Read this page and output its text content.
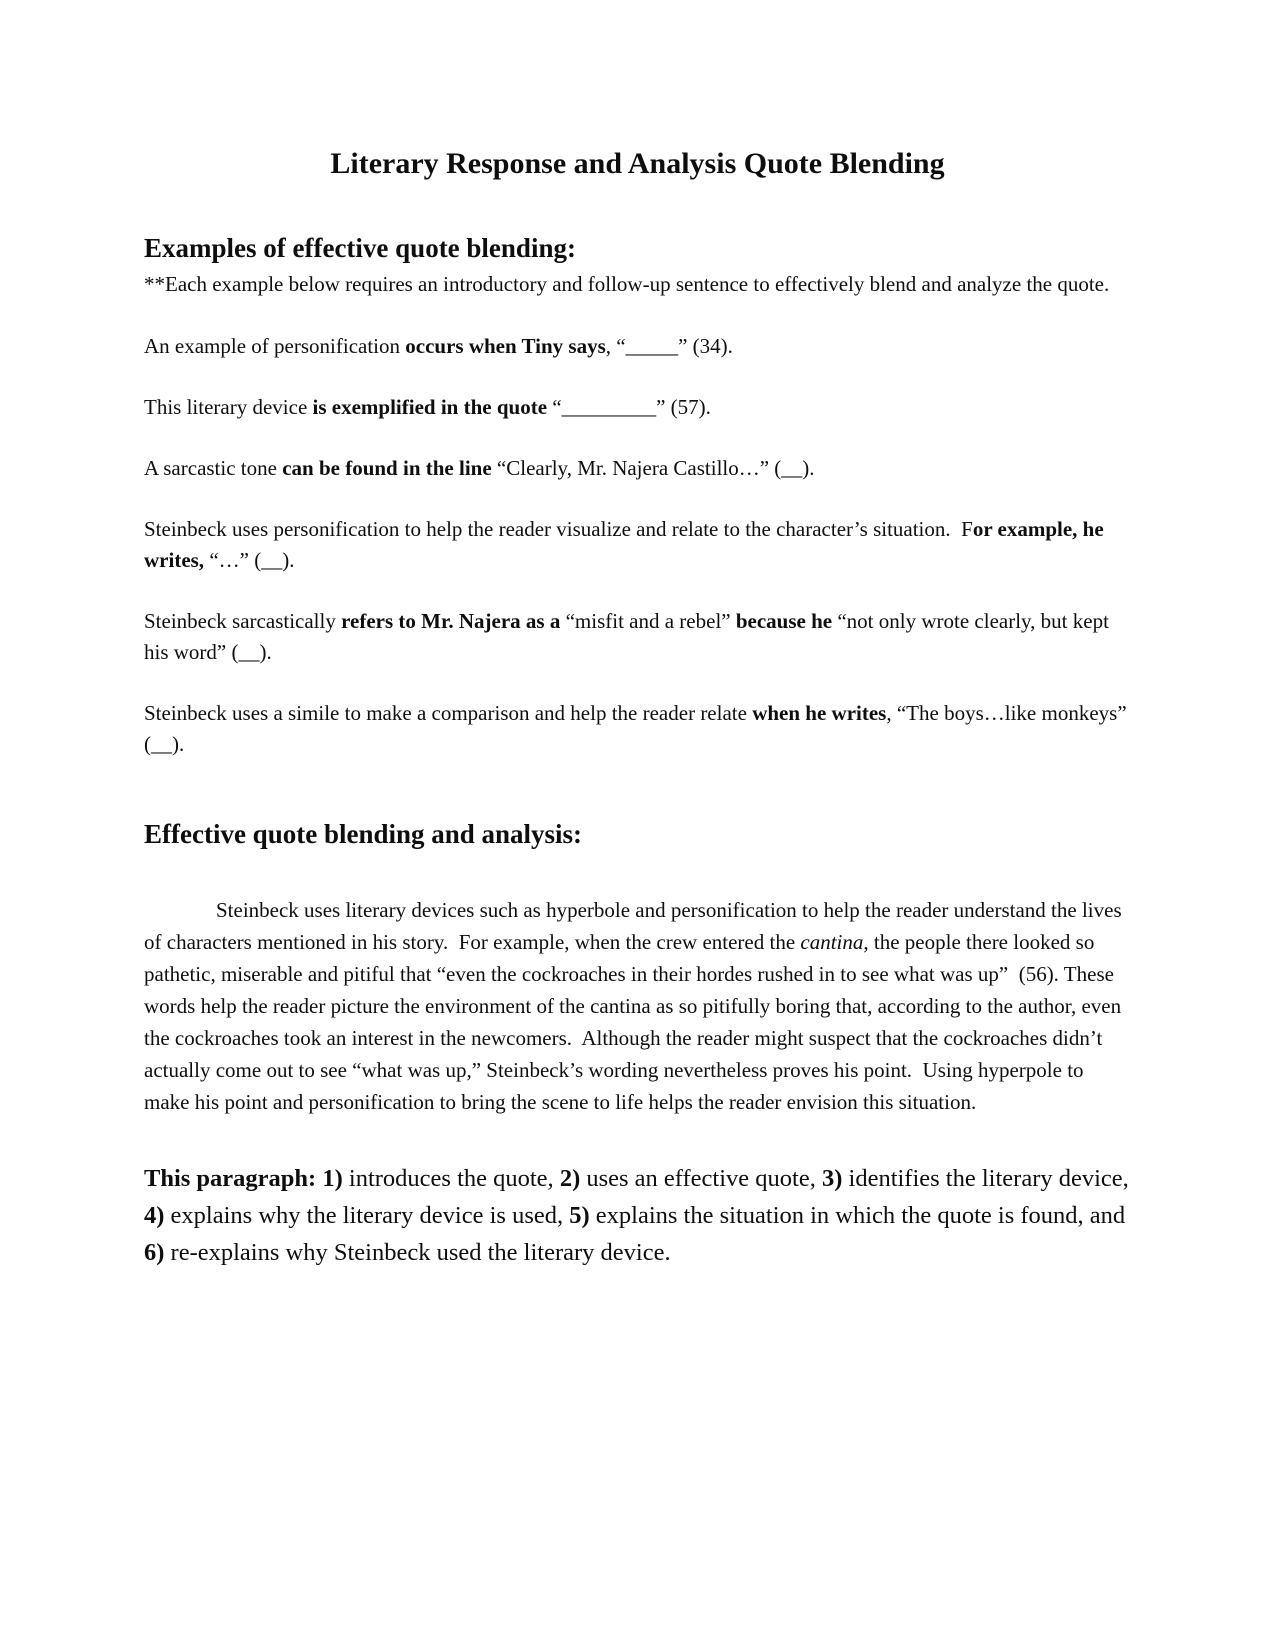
Literary Response and Analysis Quote Blending
Examples of effective quote blending:

**Each example below requires an introductory and follow-up sentence to effectively blend and analyze the quote.

An example of personification occurs when Tiny says, “_____” (34).

This literary device is exemplified in the quote “_________” (57).

A sarcastic tone can be found in the line “Clearly, Mr. Najera Castillo…” (__).

Steinbeck uses personification to help the reader visualize and relate to the character’s situation.  For example, he writes, “…” (__).

Steinbeck sarcastically refers to Mr. Najera as a “misfit and a rebel” because he “not only wrote clearly, but kept his word” (__).

Steinbeck uses a simile to make a comparison and help the reader relate when he writes, “The boys…like monkeys” (__).

Effective quote blending and analysis:

Steinbeck uses literary devices such as hyperbole and personification to help the reader understand the lives of characters mentioned in his story.  For example, when the crew entered the cantina, the people there looked so pathetic, miserable and pitiful that “even the cockroaches in their hordes rushed in to see what was up”  (56). These words help the reader picture the environment of the cantina as so pitifully boring that, according to the author, even the cockroaches took an interest in the newcomers.  Although the reader might suspect that the cockroaches didn’t actually come out to see “what was up,” Steinbeck’s wording nevertheless proves his point.  Using hyperpole to make his point and personification to bring the scene to life helps the reader envision this situation.

This paragraph: 1) introduces the quote, 2) uses an effective quote, 3) identifies the literary device, 4) explains why the literary device is used, 5) explains the situation in which the quote is found, and 6) re-explains why Steinbeck used the literary device.
